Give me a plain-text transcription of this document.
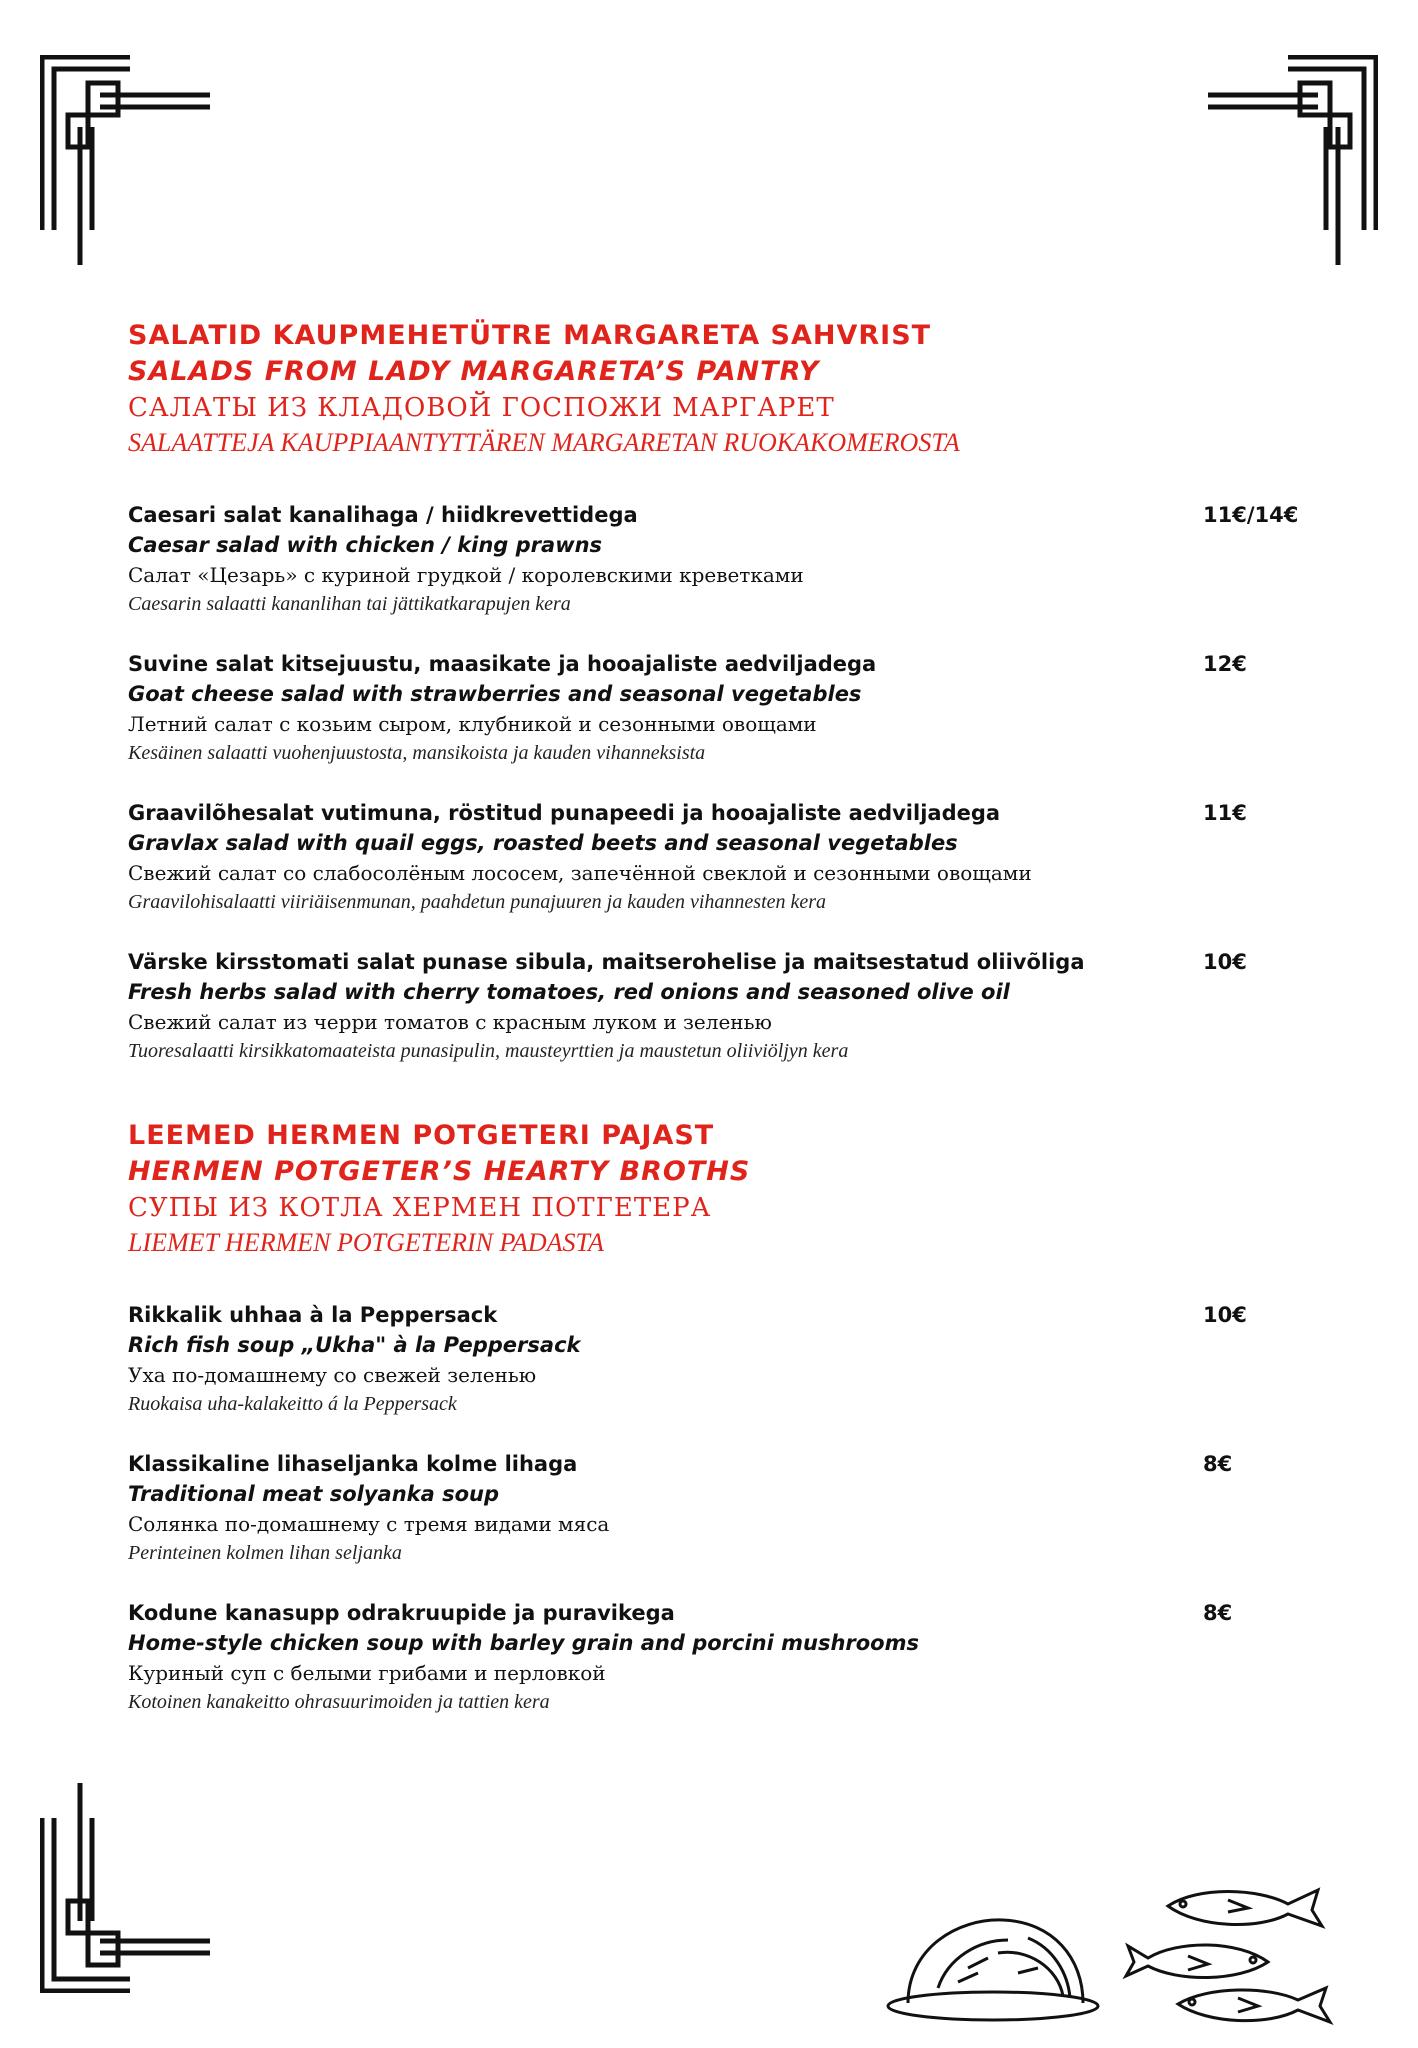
SALATID KAUPMEHETÜTRE MARGARETA SAHVRIST
SALADS FROM LADY MARGARETA’S PANTRY
САЛАТЫ ИЗ КЛАДОВОЙ ГОСПОЖИ МАРГАРЕТ
SALAATTEJA KAUPPIAANTYTTÄREN MARGARETAN RUOKAKOMEROSTA
Caesari salat kanalihaga / hiidkrevettidega
Caesar salad with chicken / king prawns
Салат «Цезарь» с куриной грудкой / королевскими креветками
Caesarin salaatti kananlihan tai jättikatkarapujen kera
11€/14€
Suvine salat kitsejuustu, maasikate ja hooajaliste aedviljadega
Goat cheese salad with strawberries and seasonal vegetables
Летний салат с козьим сыром, клубникой и сезонными овощами
Kesäinen salaatti vuohenjuustosta, mansikoista ja kauden vihanneksista
12€
Graavilõhesalat vutimuna, röstitud punapeedi ja hooajaliste aedviljadega
Gravlax salad with quail eggs, roasted beets and seasonal vegetables
Свежий салат со слабосолёным лососем, запечённой свеклой и сезонными овощами
Graavilohisalaatti viiriäisenmunan, paahdetun punajuuren ja kauden vihannesten kera
11€
Värske kirsstomati salat punase sibula, maitserohelise ja maitsestatud oliivõliga
Fresh herbs salad with cherry tomatoes, red onions and seasoned olive oil
Свежий салат из черри томатов с красным луком и зеленью
Tuoresalaatti kirsikkatomaateista punasipulin, mausteyrttien ja maustetun oliiviöljyn kera
10€
LEEMED HERMEN POTGETERI PAJAST
HERMEN POTGETER’S HEARTY BROTHS
СУПЫ ИЗ КОТЛА ХЕРМЕН ПОТГЕТЕРА
LIEMET HERMEN POTGETERIN PADASTA
Rikkalik uhhaa à la Peppersack
Rich fish soup „Ukha" à la Peppersack
Уха по-домашнему со свежей зеленью
Ruokaisa uha-kalakeitto á la Peppersack
10€
Klassikaline lihaseljanka kolme lihaga
Traditional meat solyanka soup
Солянка по-домашнему с тремя видами мяса
Perinteinen kolmen lihan seljanka
8€
Kodune kanasupp odrakruupide ja puravikega
Home-style chicken soup with barley grain and porcini mushrooms
Куриный суп с белыми грибами и перловкой
Kotoinen kanakeitto ohrasuurimoiden ja tattien kera
8€
